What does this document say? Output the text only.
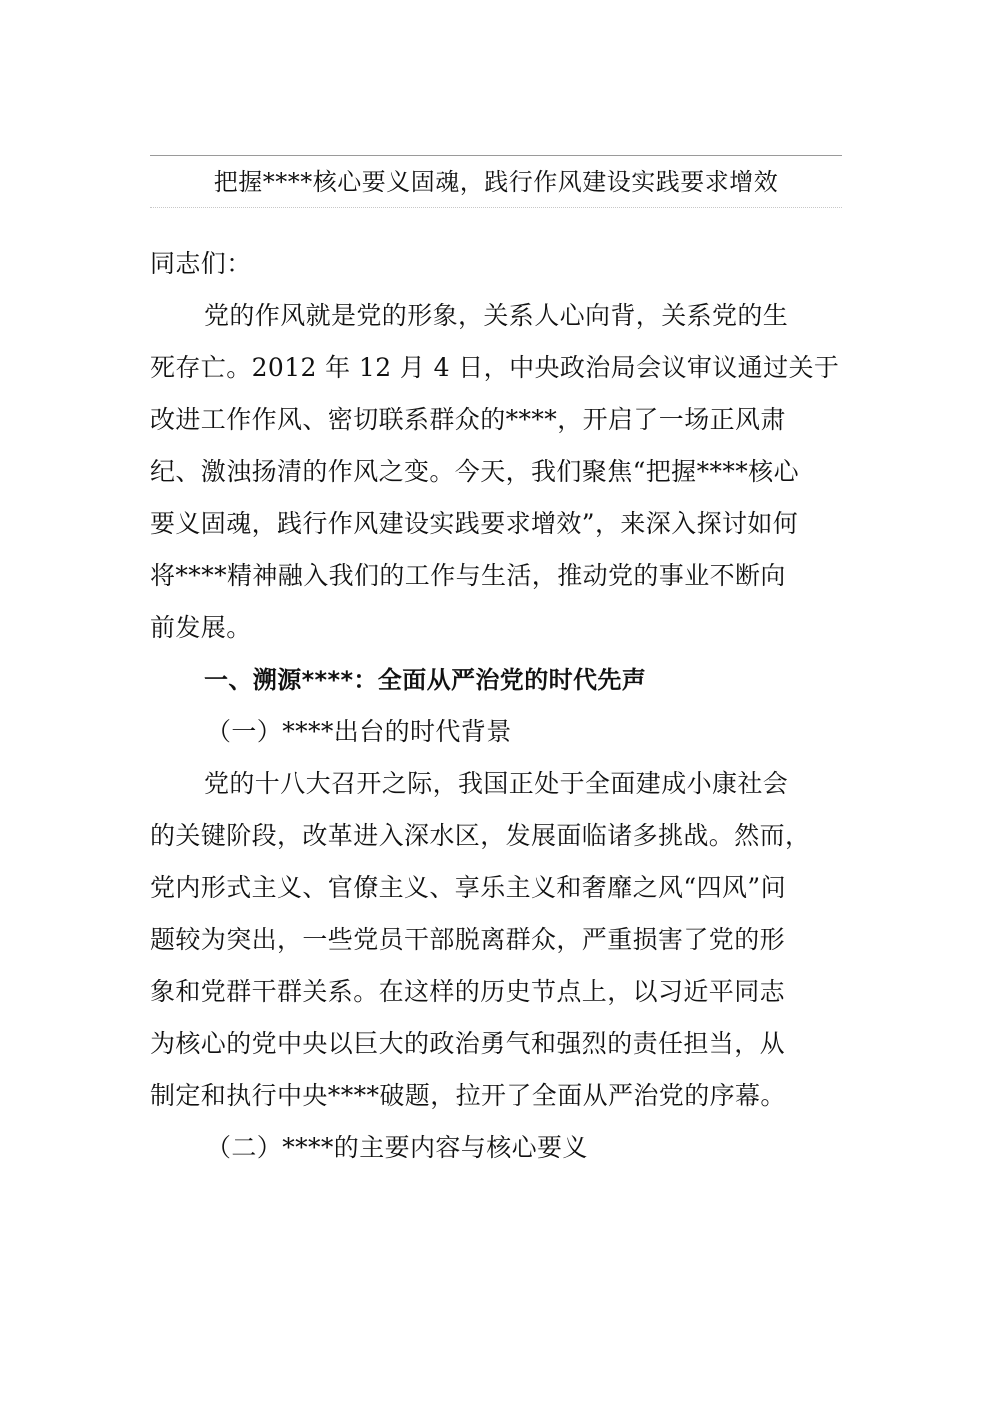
把握****核心要义固魂，践行作风建设实践要求增效
同志们：
党的作风就是党的形象，关系人心向背，关系党的生
死存亡。2012 年 12 月 4 日，中央政治局会议审议通过关于
改进工作作风、密切联系群众的****，开启了一场正风肃
纪、激浊扬清的作风之变。今天，我们聚焦“把握****核心
要义固魂，践行作风建设实践要求增效”，来深入探讨如何
将****精神融入我们的工作与生活，推动党的事业不断向
前发展。
一、溯源****：全面从严治党的时代先声
（一）****出台的时代背景
党的十八大召开之际，我国正处于全面建成小康社会
的关键阶段，改革进入深水区，发展面临诸多挑战。然而，
党内形式主义、官僚主义、享乐主义和奢靡之风“四风”问
题较为突出，一些党员干部脱离群众，严重损害了党的形
象和党群干群关系。在这样的历史节点上，以习近平同志
为核心的党中央以巨大的政治勇气和强烈的责任担当，从
制定和执行中央****破题，拉开了全面从严治党的序幕。
（二）****的主要内容与核心要义
